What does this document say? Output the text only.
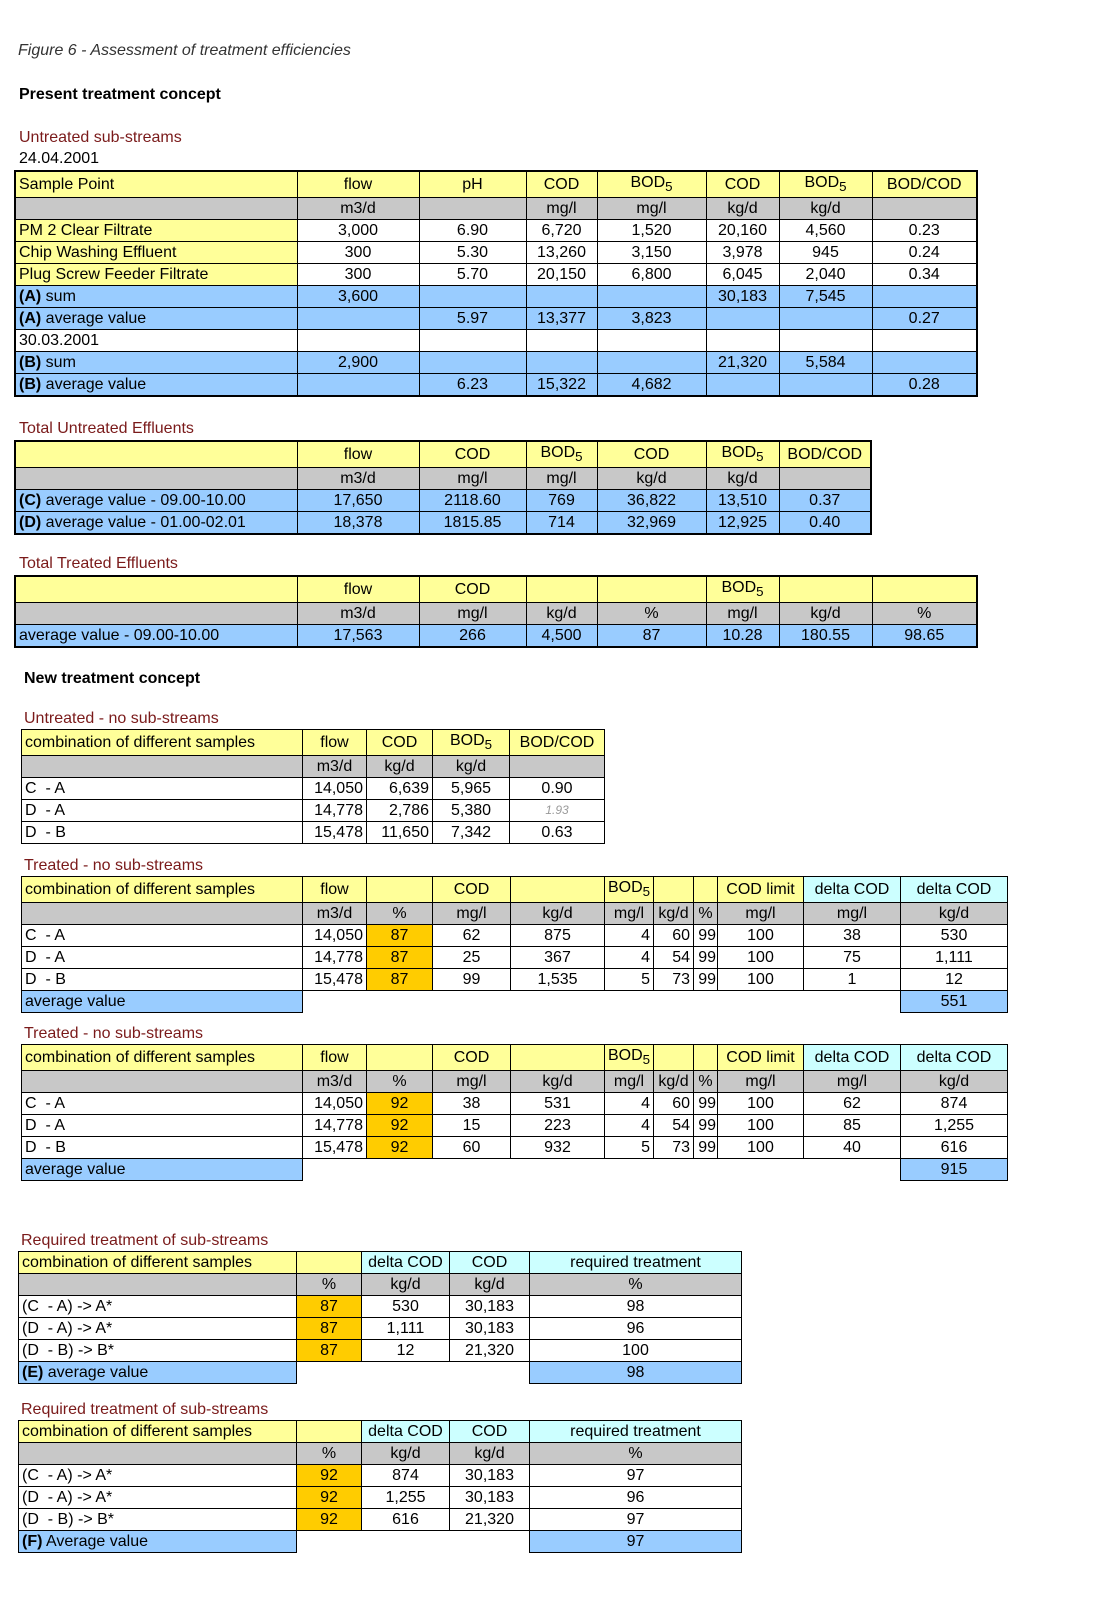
Figure 6 - Assessment of treatment efficiencies
Present treatment concept
Untreated sub-streams
24.04.2001
Sample Point	flow	pH	COD	$BOD_5$	COD	$BOD_5$	BOD/COD
	m3/d		mg/l	mg/l	kg/d	kg/d	
PM 2 Clear Filtrate	3,000	6.90	6,720	1,520	20,160	4,560	0.23
Chip Washing Effluent	300	5.30	13,260	3,150	3,978	945	0.24
Plug Screw Feeder Filtrate	300	5.70	20,150	6,800	6,045	2,040	0.34
(A) sum	3,600				30,183	7,545	
(A) average value		5.97	13,377	3,823			0.27
30.03.2001							
(B) sum	2,900				21,320	5,584	
(B) average value		6.23	15,322	4,682			0.28
Total Untreated Effluents
	flow	COD	$BOD_5$	COD	$BOD_5$	BOD/COD
	m3/d	mg/l	mg/l	kg/d	kg/d	
(C) average value - 09.00-10.00	17,650	2118.60	769	36,822	13,510	0.37
(D) average value - 01.00-02.01	18,378	1815.85	714	32,969	12,925	0.40
Total Treated Effluents
	flow	COD			$BOD_5$		
	m3/d	mg/l	kg/d	%	mg/l	kg/d	%
average value - 09.00-10.00	17,563	266	4,500	87	10.28	180.55	98.65
New treatment concept
Untreated - no sub-streams
combination of different samples	flow	COD	$BOD_5$	BOD/COD
	m3/d	kg/d	kg/d	
C  - A	14,050	6,639	5,965	0.90
D  - A	14,778	2,786	5,380	1.93
D  - B	15,478	11,650	7,342	0.63
Treated - no sub-streams
combination of different samples	flow		COD		$BOD_5$			COD limit	delta COD	delta COD
	m3/d	%	mg/l	kg/d	mg/l	kg/d	%	mg/l	mg/l	kg/d
C  - A	14,050	87	62	875	4	60	99	100	38	530
D  - A	14,778	87	25	367	4	54	99	100	75	1,111
D  - B	15,478	87	99	1,535	5	73	99	100	1	12
average value										551
Treated - no sub-streams
combination of different samples	flow		COD		$BOD_5$			COD limit	delta COD	delta COD
	m3/d	%	mg/l	kg/d	mg/l	kg/d	%	mg/l	mg/l	kg/d
C  - A	14,050	92	38	531	4	60	99	100	62	874
D  - A	14,778	92	15	223	4	54	99	100	85	1,255
D  - B	15,478	92	60	932	5	73	99	100	40	616
average value										915
Required treatment of sub-streams
combination of different samples		delta COD	COD	required treatment
	%	kg/d	kg/d	%
(C  - A) -> A*	87	530	30,183	98
(D  - A) -> A*	87	1,111	30,183	96
(D  - B) -> B*	87	12	21,320	100
(E) average value				98
Required treatment of sub-streams
combination of different samples		delta COD	COD	required treatment
	%	kg/d	kg/d	%
(C  - A) -> A*	92	874	30,183	97
(D  - A) -> A*	92	1,255	30,183	96
(D  - B) -> B*	92	616	21,320	97
(F) Average value				97
